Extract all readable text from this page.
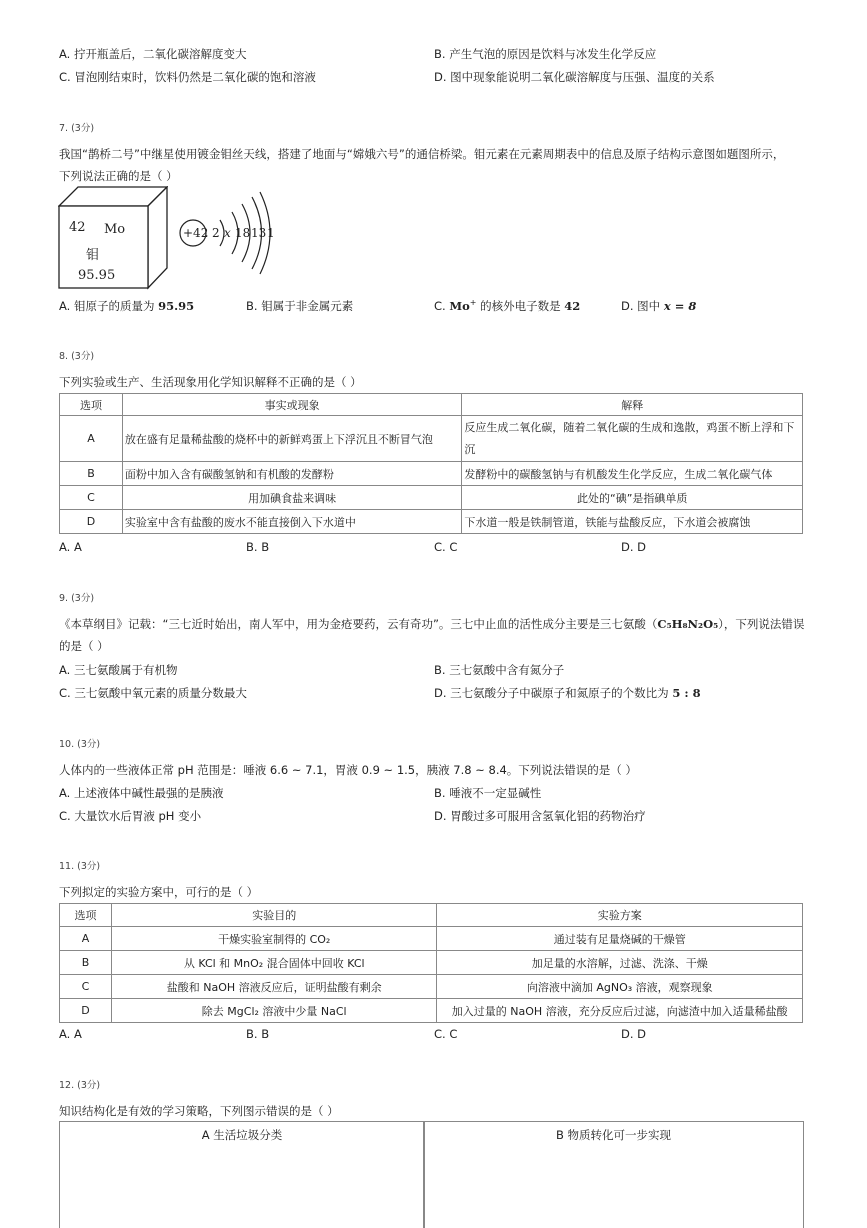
A. 拧开瓶盖后，二氧化碳溶解度变大	B. 产生气泡的原因是饮料与冰发生化学反应
C. 冒泡刚结束时，饮料仍然是二氧化碳的饱和溶液	D. 图中现象能说明二氧化碳溶解度与压强、温度的关系
7. (3分)
我国“鹊桥二号”中继星使用镀金钼丝天线，搭建了地面与“嫦娥六号”的通信桥梁。钼元素在元素周期表中的信息及原子结构示意图如题图所示，
下列说法正确的是（ ）
42 Mo
钼
95.95
+42 2 x 18 13 1
A. 钼原子的质量为 95.95	B. 钼属于非金属元素	C. Mo+ 的核外电子数是 42	D. 图中 x = 8
8. (3分)
下列实验或生产、生活现象用化学知识解释不正确的是（ ）
选项	事实或现象	解释
A	放在盛有足量稀盐酸的烧杯中的新鲜鸡蛋上下浮沉且不断冒气泡	反应生成二氧化碳，随着二氧化碳的生成和逸散，鸡蛋不断上浮和下沉
B	面粉中加入含有碳酸氢钠和有机酸的发酵粉	发酵粉中的碳酸氢钠与有机酸发生化学反应，生成二氧化碳气体
C	用加碘食盐来调味	此处的“碘”是指碘单质
D	实验室中含有盐酸的废水不能直接倒入下水道中	下水道一般是铁制管道，铁能与盐酸反应，下水道会被腐蚀
A. A	B. B	C. C	D. D
9. (3分)
《本草纲目》记载：“三七近时始出，南人军中，用为金疮要药，云有奇功”。三七中止血的活性成分主要是三七氨酸（C₅H₈N₂O₅），下列说法错误
的是（ ）
A. 三七氨酸属于有机物	B. 三七氨酸中含有氮分子
C. 三七氨酸中氧元素的质量分数最大	D. 三七氨酸分子中碳原子和氮原子的个数比为 5 : 8
10. (3分)
人体内的一些液体正常 pH 范围是：唾液 6.6 ~ 7.1，胃液 0.9 ~ 1.5，胰液 7.8 ~ 8.4。下列说法错误的是（ ）
A. 上述液体中碱性最强的是胰液	B. 唾液不一定显碱性
C. 大量饮水后胃液 pH 变小	D. 胃酸过多可服用含氢氧化铝的药物治疗
11. (3分)
下列拟定的实验方案中，可行的是（ ）
选项	实验目的	实验方案
A	干燥实验室制得的 CO₂	通过装有足量烧碱的干燥管
B	从 KCl 和 MnO₂ 混合固体中回收 KCl	加足量的水溶解，过滤、洗涤、干燥
C	盐酸和 NaOH 溶液反应后，证明盐酸有剩余	向溶液中滴加 AgNO₃ 溶液，观察现象
D	除去 MgCl₂ 溶液中少量 NaCl	加入过量的 NaOH 溶液，充分反应后过滤，向滤渣中加入适量稀盐酸
A. A	B. B	C. C	D. D
12. (3分)
知识结构化是有效的学习策略，下列图示错误的是（ ）
A 生活垃圾分类	B 物质转化可一步实现
